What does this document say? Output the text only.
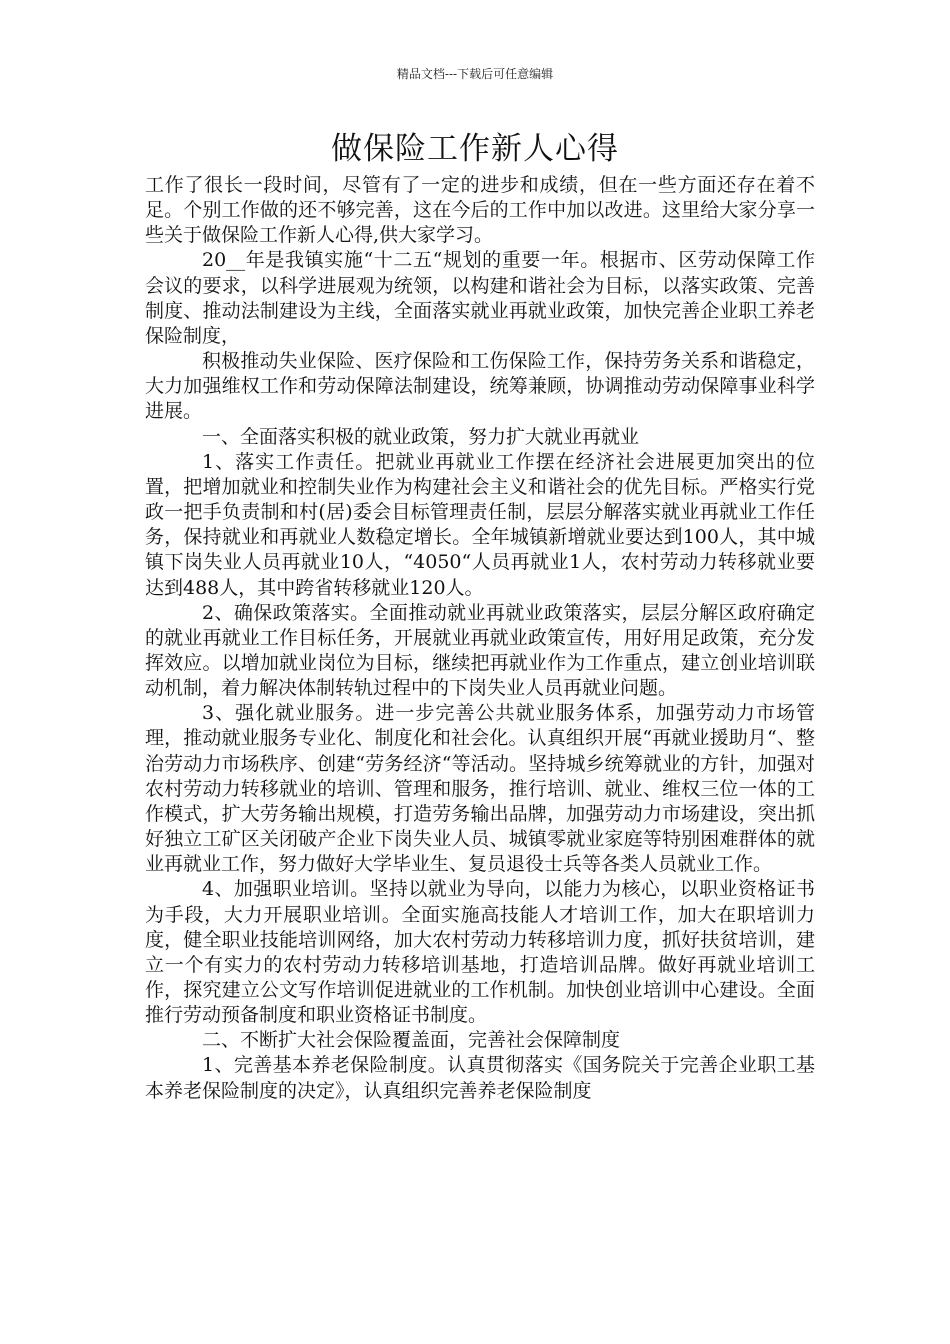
精品文档---下载后可任意编辑
做保险工作新人心得

工作了很长一段时间，尽管有了一定的进步和成绩，但在一些方面还存在着不足。个别工作做的还不够完善，这在今后的工作中加以改进。这里给大家分享一些关于做保险工作新人心得,供大家学习。

20__年是我镇实施“十二五“规划的重要一年。根据市、区劳动保障工作会议的要求，以科学进展观为统领，以构建和谐社会为目标，以落实政策、完善制度、推动法制建设为主线，全面落实就业再就业政策，加快完善企业职工养老保险制度，

积极推动失业保险、医疗保险和工伤保险工作，保持劳务关系和谐稳定，大力加强维权工作和劳动保障法制建设，统筹兼顾，协调推动劳动保障事业科学进展。

一、全面落实积极的就业政策，努力扩大就业再就业

1、落实工作责任。把就业再就业工作摆在经济社会进展更加突出的位置，把增加就业和控制失业作为构建社会主义和谐社会的优先目标。严格实行党政一把手负责制和村(居)委会目标管理责任制，层层分解落实就业再就业工作任务，保持就业和再就业人数稳定增长。全年城镇新增就业要达到100人，其中城镇下岗失业人员再就业10人，“4050“人员再就业1人，农村劳动力转移就业要达到488人，其中跨省转移就业120人。

2、确保政策落实。全面推动就业再就业政策落实，层层分解区政府确定的就业再就业工作目标任务，开展就业再就业政策宣传，用好用足政策，充分发挥效应。以增加就业岗位为目标，继续把再就业作为工作重点，建立创业培训联动机制，着力解决体制转轨过程中的下岗失业人员再就业问题。

3、强化就业服务。进一步完善公共就业服务体系，加强劳动力市场管理，推动就业服务专业化、制度化和社会化。认真组织开展“再就业援助月“、整治劳动力市场秩序、创建“劳务经济“等活动。坚持城乡统筹就业的方针，加强对农村劳动力转移就业的培训、管理和服务，推行培训、就业、维权三位一体的工作模式，扩大劳务输出规模，打造劳务输出品牌，加强劳动力市场建设，突出抓好独立工矿区关闭破产企业下岗失业人员、城镇零就业家庭等特别困难群体的就业再就业工作，努力做好大学毕业生、复员退役士兵等各类人员就业工作。

4、加强职业培训。坚持以就业为导向，以能力为核心，以职业资格证书为手段，大力开展职业培训。全面实施高技能人才培训工作，加大在职培训力度，健全职业技能培训网络，加大农村劳动力转移培训力度，抓好扶贫培训，建立一个有实力的农村劳动力转移培训基地，打造培训品牌。做好再就业培训工作，探究建立公文写作培训促进就业的工作机制。加快创业培训中心建设。全面推行劳动预备制度和职业资格证书制度。

二、不断扩大社会保险覆盖面，完善社会保障制度

1、完善基本养老保险制度。认真贯彻落实《国务院关于完善企业职工基本养老保险制度的决定》，认真组织完善养老保险制度
